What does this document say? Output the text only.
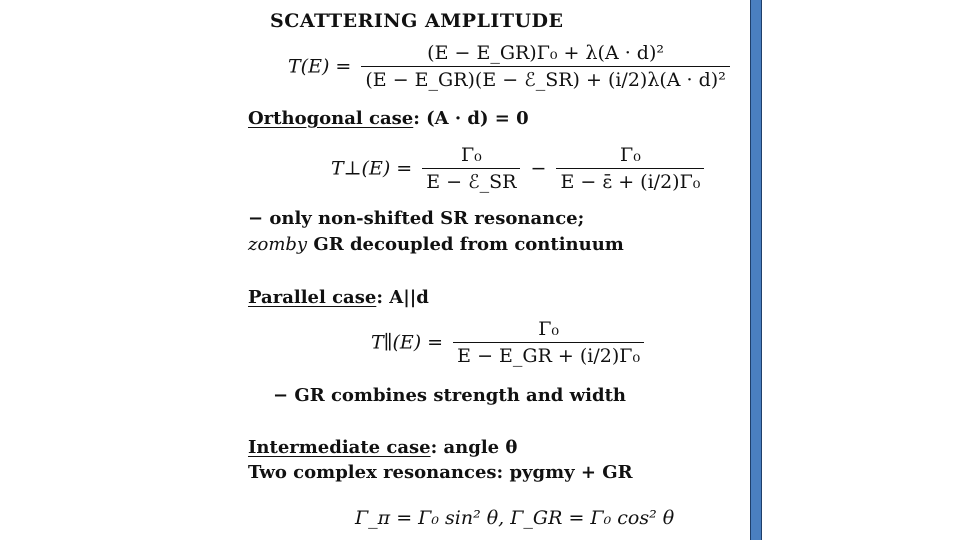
SCATTERING AMPLITUDE
$T(E) = \frac{\text{(E − E\_GR)Γ₀ + λ(A · d)²}}{\text{(E − E\_GR)(E − ℰ\_SR) + (i/2)λ(A · d)²}}$
Orthogonal case: (A · d) = 0
T⊥(E) = $\frac{\text{Γ₀}}{\text{E − ℰ\_SR}} - \frac{\text{Γ₀}}{\text{E − ε̄ + (i/2)Γ₀}}$
− only non-shifted SR resonance;
zomby GR decoupled from continuum
Parallel case: A||d
T∥(E) = $\frac{\text{Γ₀}}{\text{E − E\_GR + (i/2)Γ₀}}$
− GR combines strength and width
Intermediate case: angle θ
Two complex resonances: pygmy + GR
Γ_π = Γ₀ sin² θ, Γ_GR = Γ₀ cos² θ
